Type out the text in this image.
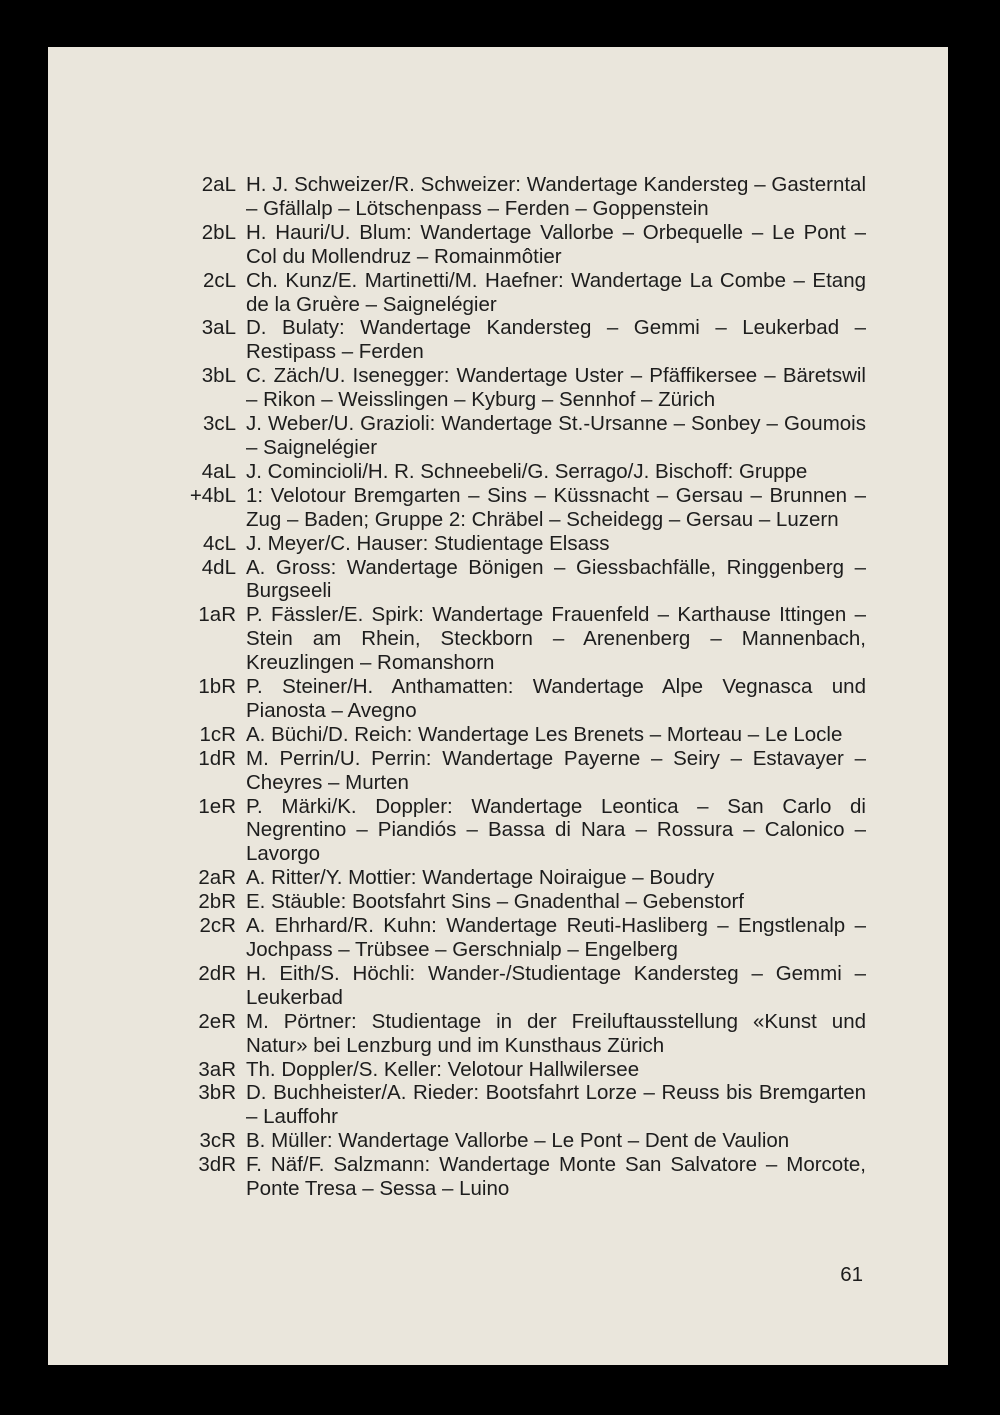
2aL H. J. Schweizer/R. Schweizer: Wandertage Kandersteg – Gasterntal – Gfällalp – Lötschenpass – Ferden – Goppenstein
2bL H. Hauri/U. Blum: Wandertage Vallorbe – Orbequelle – Le Pont – Col du Mollendruz – Romainmôtier
2cL Ch. Kunz/E. Martinetti/M. Haefner: Wandertage La Combe – Etang de la Gruère – Saignelégier
3aL D. Bulaty: Wandertage Kandersteg – Gemmi – Leukerbad – Restipass – Ferden
3bL C. Zäch/U. Isenegger: Wandertage Uster – Pfäffikersee – Bäretswil – Rikon – Weisslingen – Kyburg – Sennhof – Zürich
3cL J. Weber/U. Grazioli: Wandertage St.-Ursanne – Sonbey – Goumois – Saignelégier
4aL J. Comincioli/H. R. Schneebeli/G. Serrago/J. Bischoff: Gruppe
+4bL 1: Velotour Bremgarten – Sins – Küssnacht – Gersau – Brunnen – Zug – Baden; Gruppe 2: Chräbel – Scheidegg – Gersau – Luzern
4cL J. Meyer/C. Hauser: Studientage Elsass
4dL A. Gross: Wandertage Bönigen – Giessbachfälle, Ringgenberg – Burgseeli
1aR P. Fässler/E. Spirk: Wandertage Frauenfeld – Karthause Ittingen – Stein am Rhein, Steckborn – Arenenberg – Mannenbach, Kreuzlingen – Romanshorn
1bR P. Steiner/H. Anthamatten: Wandertage Alpe Vegnasca und Pianosta – Avegno
1cR A. Büchi/D. Reich: Wandertage Les Brenets – Morteau – Le Locle
1dR M. Perrin/U. Perrin: Wandertage Payerne – Seiry – Estavayer – Cheyres – Murten
1eR P. Märki/K. Doppler: Wandertage Leontica – San Carlo di Negrentino – Piandiós – Bassa di Nara – Rossura – Calonico – Lavorgo
2aR A. Ritter/Y. Mottier: Wandertage Noiraigue – Boudry
2bR E. Stäuble: Bootsfahrt Sins – Gnadenthal – Gebenstorf
2cR A. Ehrhard/R. Kuhn: Wandertage Reuti-Hasliberg – Engstlenalp – Jochpass – Trübsee – Gerschnialp – Engelberg
2dR H. Eith/S. Höchli: Wander-/Studientage Kandersteg – Gemmi – Leukerbad
2eR M. Pörtner: Studientage in der Freiluftausstellung «Kunst und Natur» bei Lenzburg und im Kunsthaus Zürich
3aR Th. Doppler/S. Keller: Velotour Hallwilersee
3bR D. Buchheister/A. Rieder: Bootsfahrt Lorze – Reuss bis Bremgarten – Lauffohr
3cR B. Müller: Wandertage Vallorbe – Le Pont – Dent de Vaulion
3dR F. Näf/F. Salzmann: Wandertage Monte San Salvatore – Morcote, Ponte Tresa – Sessa – Luino
61
